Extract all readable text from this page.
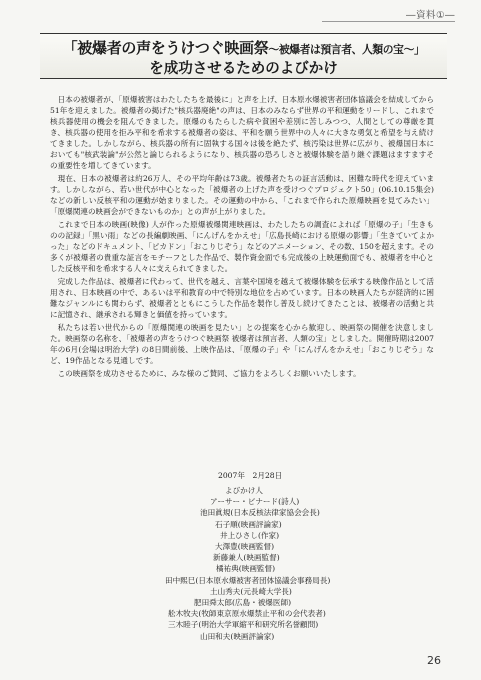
―資料①―
「被爆者の声をうけつぐ映画祭～被爆者は預言者、人類の宝～」
を成功させるためのよびかけ

日本の被爆者が、「原爆被害はわたしたちを最後に」と声を上げ、日本原水爆被害者団体協議会を結成してから51年を迎えました。被爆者の掲げた"核兵器廃絶"の声は、日本のみならず世界の平和運動をリードし、これまで核兵器使用の機会を阻んできました。原爆のもたらした病や貧困や差別に苦しみつつ、人間としての尊厳を貫き、核兵器の使用を拒み平和を希求する被爆者の姿は、平和を願う世界中の人々に大きな勇気と希望を与え続けてきました。しかしながら、核兵器の所有に固執する国々は後を絶たず、核汚染は世界に広がり、被爆国日本においても"核武装論"が公然と論じられるようになり、核兵器の恐ろしさと被爆体験を語り継ぐ課題はますますその重要性を増してきています。

現在、日本の被爆者は約26万人、その平均年齢は73歳。被爆者たちの証言活動は、困難な時代を迎えています。しかしながら、若い世代が中心となった「被爆者の上げた声を受けつぐプロジェクト50」(06.10.15集会) などの新しい反核平和の運動が始まりました。その運動の中から、「これまで作られた原爆映画を見てみたい」「原爆関連の映画会ができないものか」との声が上がりました。

これまで日本の映画(映像) 人が作った原爆被爆関連映画は、わたしたちの調査によれば「原爆の子」「生きものの記録」「黒い雨」などの長編劇映画、「にんげんをかえせ」「広島長崎における原爆の影響」「生きていてよかった」などのドキュメント、「ピカドン」「おこりじぞう」などのアニメーション、その数、150を超えます。その多くが被爆者の貴重な証言をモチーフとした作品で、製作資金面でも完成後の上映運動面でも、被爆者を中心とした反核平和を希求する人々に支えられてきました。

完成した作品は、被爆者に代わって、世代を越え、言葉や国境を越えて被爆体験を伝承する映像作品として活用され、日本映画の中で、あるいは平和教育の中で特別な地位を占めています。日本の映画人たちが経済的に困難なジャンルにも関わらず、被爆者とともにこうした作品を製作し普及し続けてきたことは、被爆者の活動と共に記憶され、継承される輝きと価値を持っています。

私たちは若い世代からの「原爆関連の映画を見たい」との提案を心から歓迎し、映画祭の開催を決意しました。映画祭の名称を、「被爆者の声をうけつぐ映画祭 被爆者は預言者、人類の宝」としました。開催時期は2007年の6月(会場は明治大学) の8日間前後、上映作品は、「原爆の子」や「にんげんをかえせ」「おこりじぞう」など、19作品となる見通しです。

この映画祭を成功させるために、みな様のご賛同、ご協力をよろしくお願いいたします。

2007年　2月28日
よびかけ人
アーサー・ビナード(詩人)
池田眞規(日本反核法律家協会会長)
石子順(映画評論家)
井上ひさし(作家)
大澤豊(映画監督)
新藤兼人(映画監督)
橘祐典(映画監督)
田中熙巳(日本原水爆被害者団体協議会事務局長)
土山秀夫(元長崎大学長)
肥田舜太郎(広島・被爆医師)
舩木牧夫(牧師東京原水爆禁止平和の会代表者)
三木睦子(明治大学軍縮平和研究所名誉顧問)
山田和夫(映画評論家)
26
